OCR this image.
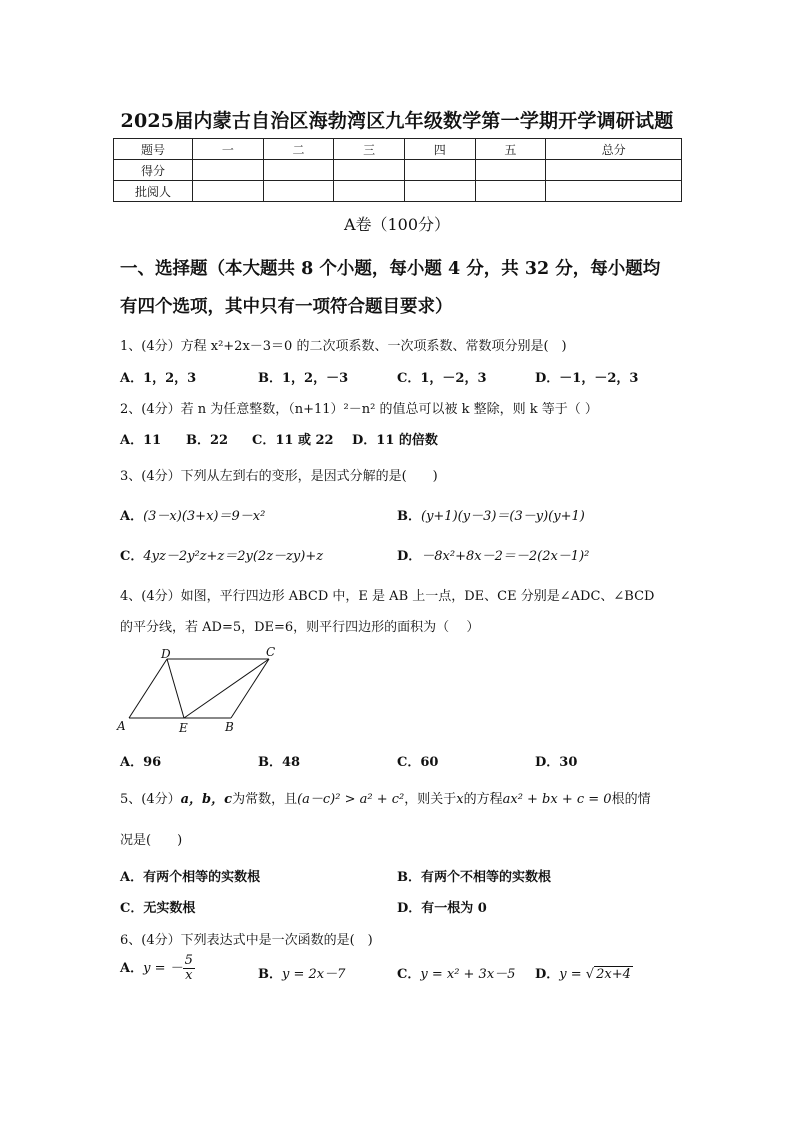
2025届内蒙古自治区海勃湾区九年级数学第一学期开学调研试题
题号	一	二	三	四	五	总分
得分						
批阅人						
A卷（100分）
一、选择题（本大题共 8 个小题，每小题 4 分，共 32 分，每小题均
有四个选项，其中只有一项符合题目要求）
1、(4分）方程 x²+2x－3＝0 的二次项系数、一次项系数、常数项分别是(　)
A．1，2，3	B．1，2，－3	C．1，－2，3	D．－1，－2，3
2、(4分）若 n 为任意整数，（n+11）²－n² 的值总可以被 k 整除，则 k 等于（ ）
A．11 B．22 C．11 或 22 D．11 的倍数
3、(4分）下列从左到右的变形，是因式分解的是(　　)
A．(3－x)(3+x)＝9－x²	B．(y+1)(y－3)＝(3－y)(y+1)
C．4yz－2y²z+z＝2y(2z－zy)+z	D．－8x²+8x－2＝－2(2x－1)²
4、(4分）如图，平行四边形 ABCD 中，E 是 AB 上一点，DE、CE 分别是∠ADC、∠BCD
的平分线，若 AD=5，DE=6，则平行四边形的面积为（　 ）
A	B
C
D
E
A．96	B．48	C．60	D．30
5、(4分）a，b，c为常数，且(a－c)² > a² + c²，则关于x的方程ax² + bx + c = 0根的情
况是(　　)
A．有两个相等的实数根	B．有两个不相等的实数根
C．无实数根	D．有一根为 0
6、(4分）下列表达式中是一次函数的是(　)
A．y = － $\frac{5}{x}$	B．y = 2x－7	C．y = x² + 3x－5 D．y = √ 2x+4
